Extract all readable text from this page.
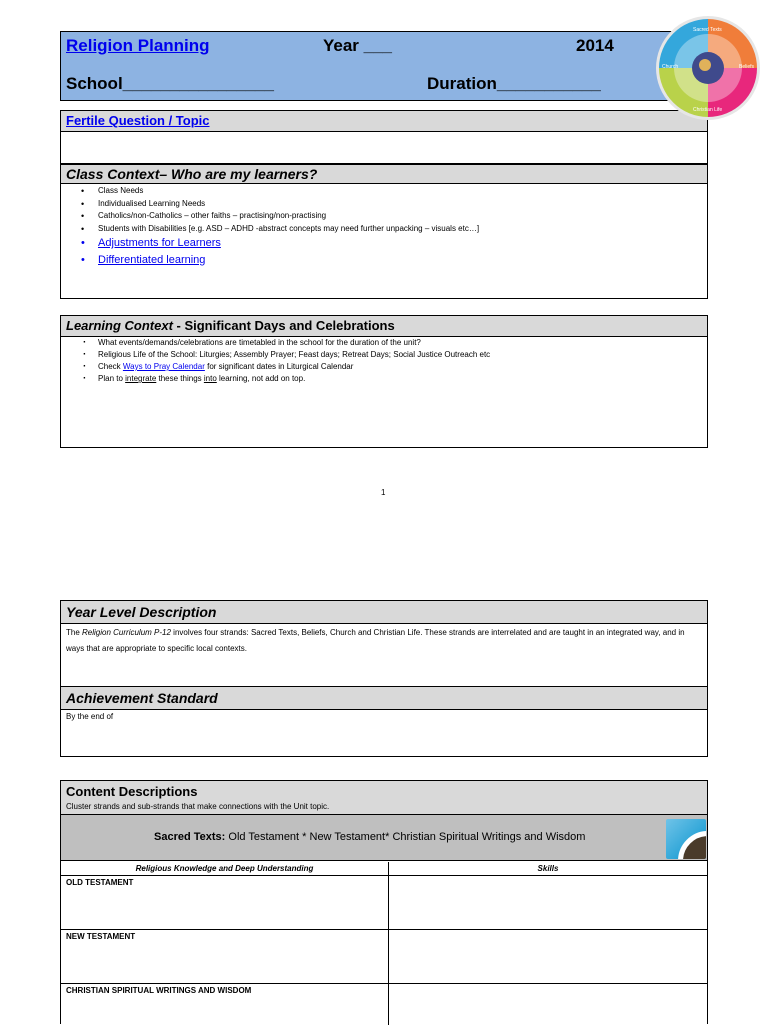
Religion Planning	Year ___	2014
School________________	Duration___________
Fertile Question / Topic
Class Context– Who are my learners?
• Class Needs
• Individualised Learning Needs
• Catholics/non-Catholics – other faiths – practising/non-practising
• Students with Disabilities [e.g. ASD – ADHD -abstract concepts may need further unpacking – visuals etc…]
• Adjustments for Learners
• Differentiated learning
Learning Context - Significant Days and Celebrations
· What events/demands/celebrations are timetabled in the school for the duration of the unit?
· Religious Life of the School: Liturgies; Assembly Prayer; Feast days; Retreat Days; Social Justice Outreach etc
· Check Ways to Pray Calendar for significant dates in Liturgical Calendar
· Plan to integrate these things into learning, not add on top.
1
Year Level Description
The Religion Curriculum P-12 involves four strands: Sacred Texts, Beliefs, Church and Christian Life. These strands are interrelated and are taught in an integrated way, and in ways that are appropriate to specific local contexts.
Achievement Standard
By the end of
Content Descriptions
Cluster strands and sub-strands that make connections with the Unit topic.
Sacred Texts: Old Testament * New Testament* Christian Spiritual Writings and Wisdom
Religious Knowledge and Deep Understanding	Skills
OLD TESTAMENT
NEW TESTAMENT
CHRISTIAN SPIRITUAL WRITINGS AND WISDOM
Sacred Texts
Beliefs
Christian Life
Church
